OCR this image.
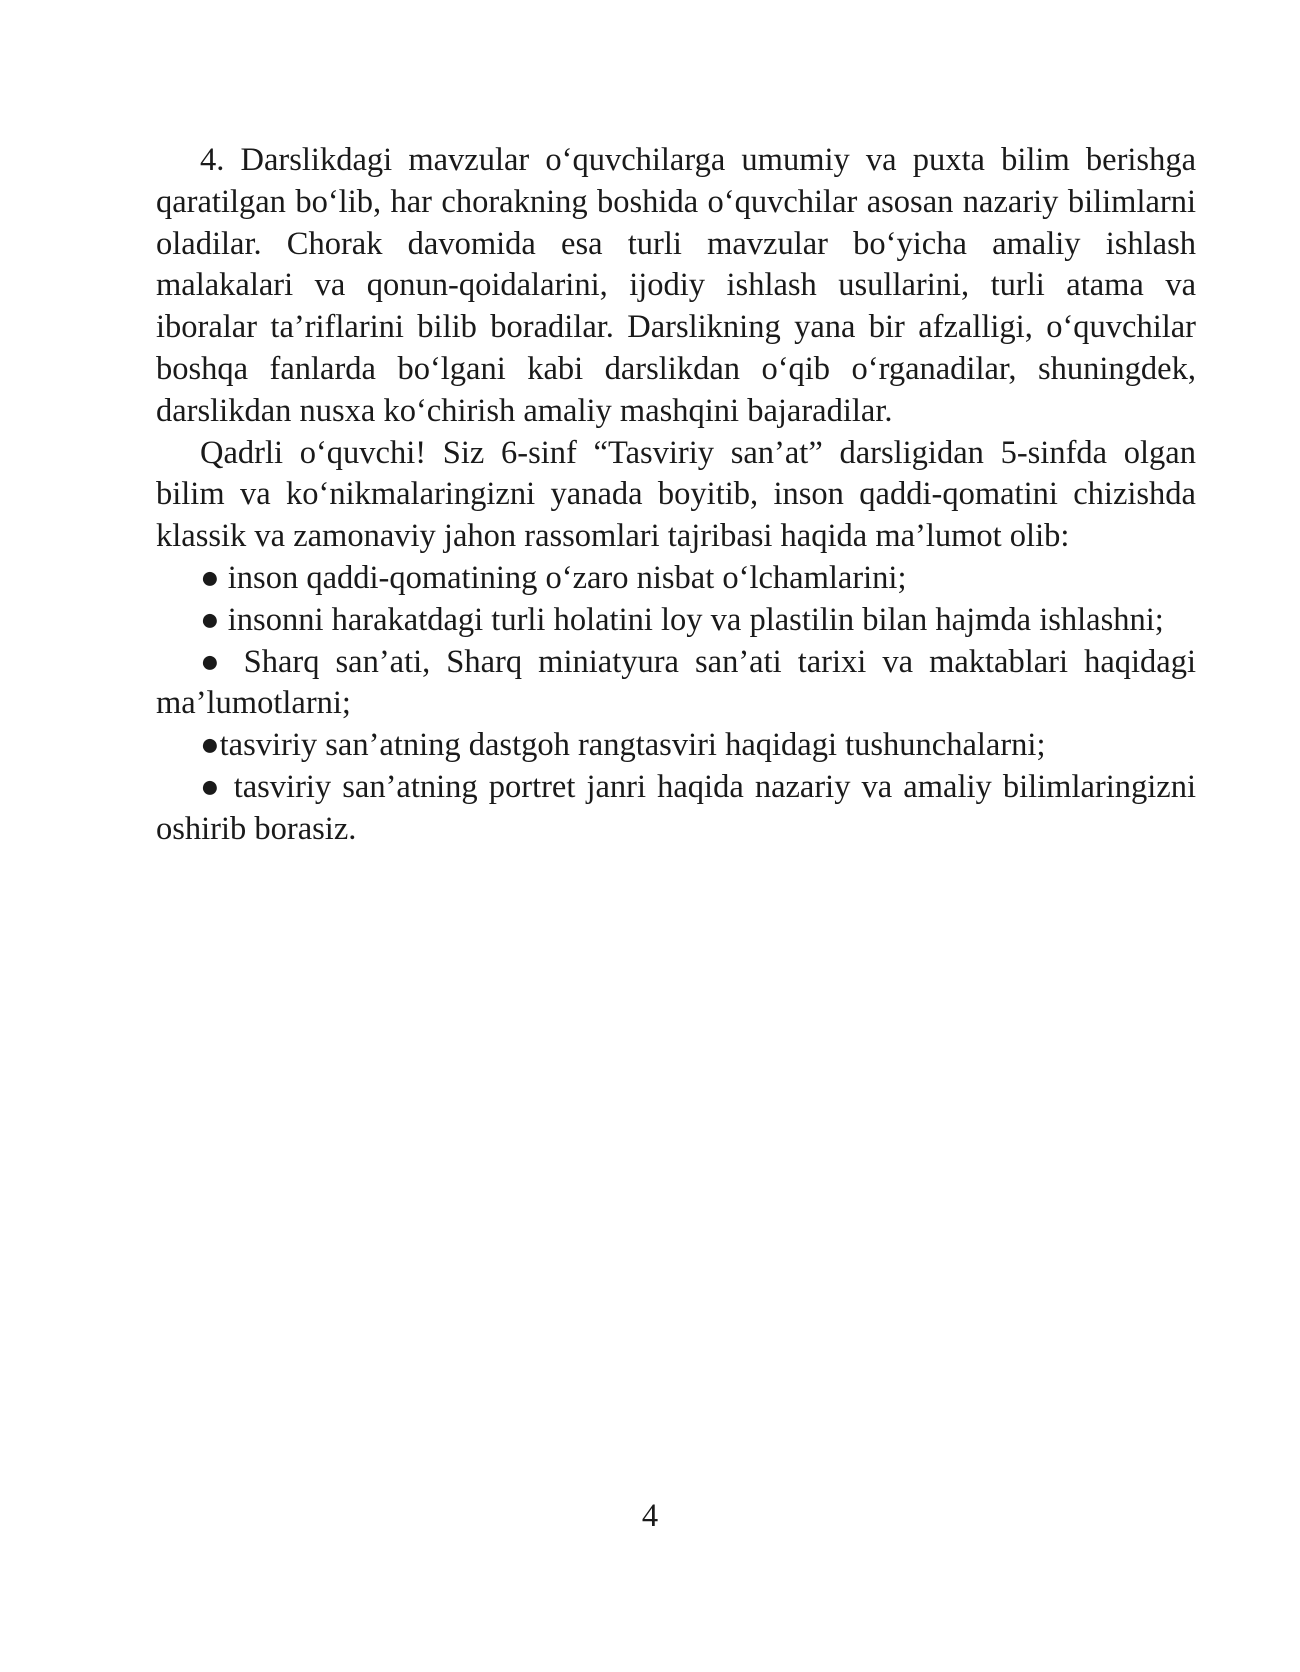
4. Darslikdagi mavzular o‘quvchilarga umumiy va puxta bilim berishga qaratilgan bo‘lib, har chorakning boshida o‘quvchilar asosan nazariy bilimlarni oladilar. Chorak davomida esa turli mavzular bo‘yicha amaliy ishlash malakalari va qonun-qoidalarini, ijodiy ishlash usullarini, turli atama va iboralar ta’riflarini bilib boradilar. Darslikning yana bir afzalligi, o‘quvchilar boshqa fanlarda bo‘lgani kabi darslikdan o‘qib o‘rganadilar, shuningdek, darslikdan nusxa ko‘chirish amaliy mashqini bajaradilar.

Qadrli o‘quvchi! Siz 6-sinf “Tasviriy san’at” darsligidan 5-sinfda olgan bilim va ko‘nikmalaringizni yanada boyitib, inson qaddi-qomatini chizishda klassik va zamonaviy jahon rassomlari tajribasi haqida ma’lumot olib:

● inson qaddi-qomatining o‘zaro nisbat o‘lchamlarini;

● insonni harakatdagi turli holatini loy va plastilin bilan hajmda ishlashni;

● Sharq san’ati, Sharq miniatyura san’ati tarixi va maktablari haqidagi ma’lumotlarni;

●tasviriy san’atning dastgoh rangtasviri haqidagi tushunchalarni;

● tasviriy san’atning portret janri haqida nazariy va amaliy bilimlaringizni oshirib borasiz.

4
